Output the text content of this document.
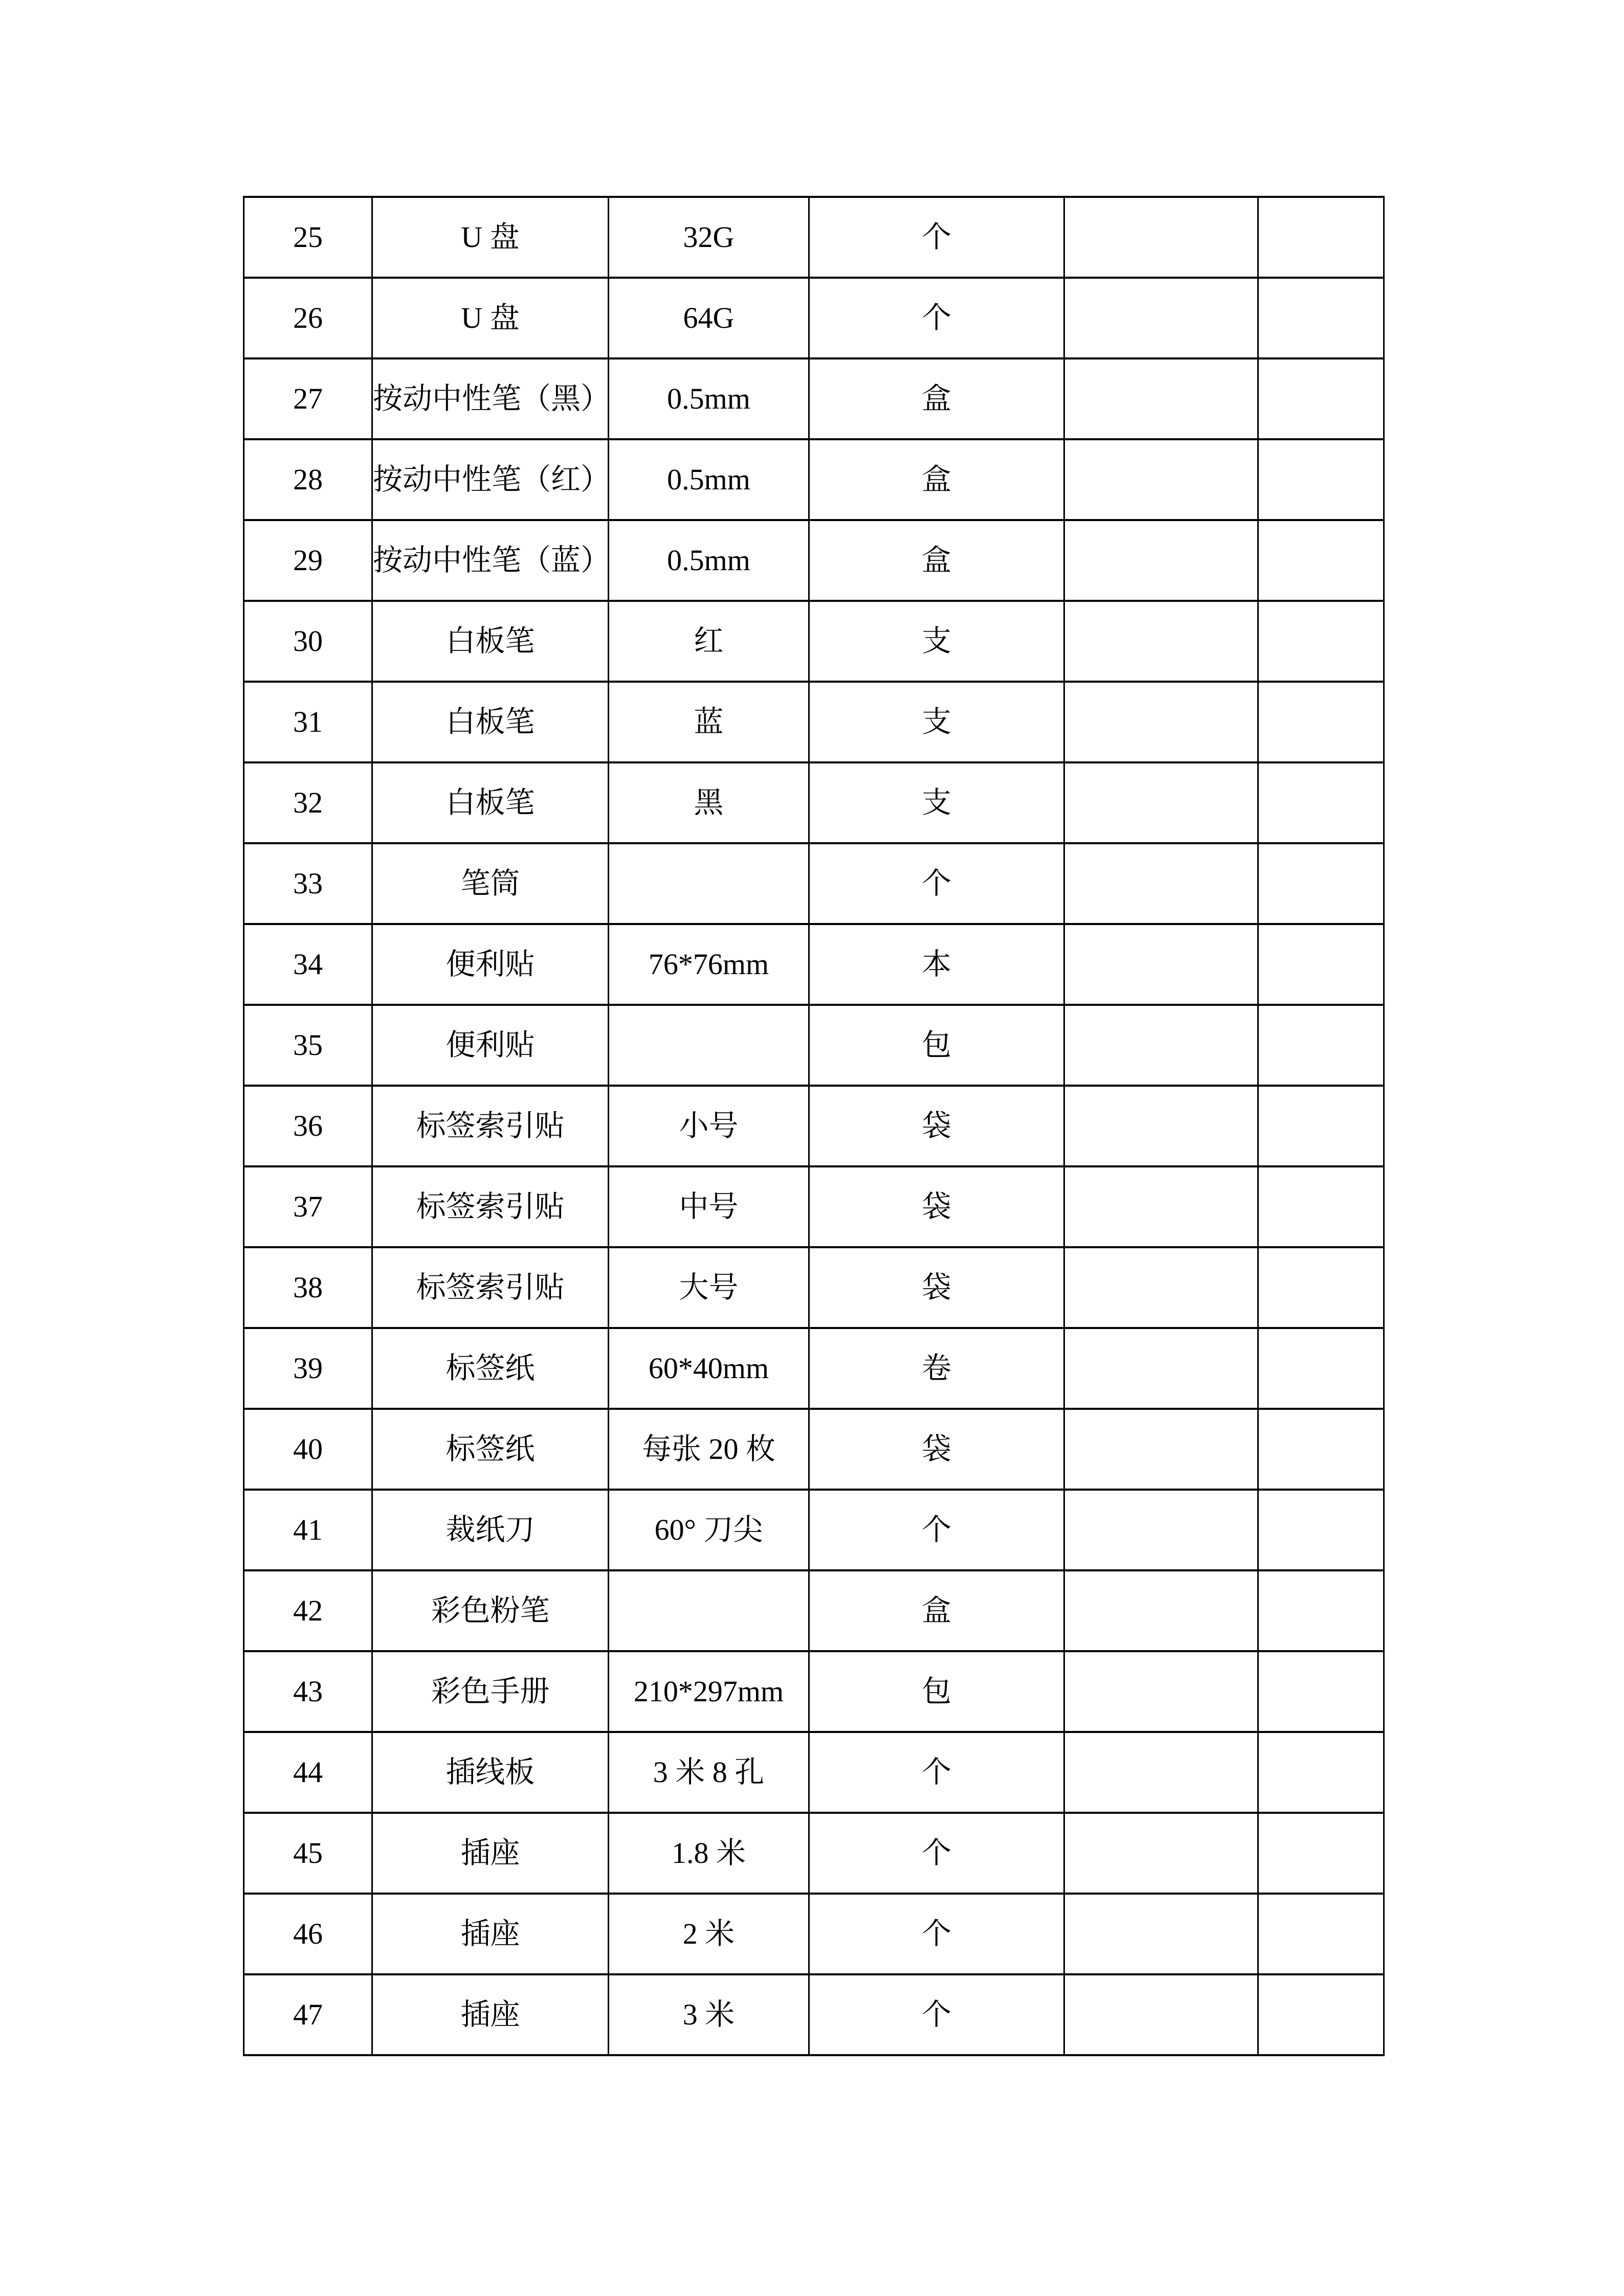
25	U 盘	32G	个		
26	U 盘	64G	个		
27	按动中性笔（黑）	0.5mm	盒		
28	按动中性笔（红）	0.5mm	盒		
29	按动中性笔（蓝）	0.5mm	盒		
30	白板笔	红	支		
31	白板笔	蓝	支		
32	白板笔	黑	支		
33	笔筒		个		
34	便利贴	76*76mm	本		
35	便利贴		包		
36	标签索引贴	小号	袋		
37	标签索引贴	中号	袋		
38	标签索引贴	大号	袋		
39	标签纸	60*40mm	卷		
40	标签纸	每张 20 枚	袋		
41	裁纸刀	60° 刀尖	个		
42	彩色粉笔		盒		
43	彩色手册	210*297mm	包		
44	插线板	3 米 8 孔	个		
45	插座	1.8 米	个		
46	插座	2 米	个		
47	插座	3 米	个		
